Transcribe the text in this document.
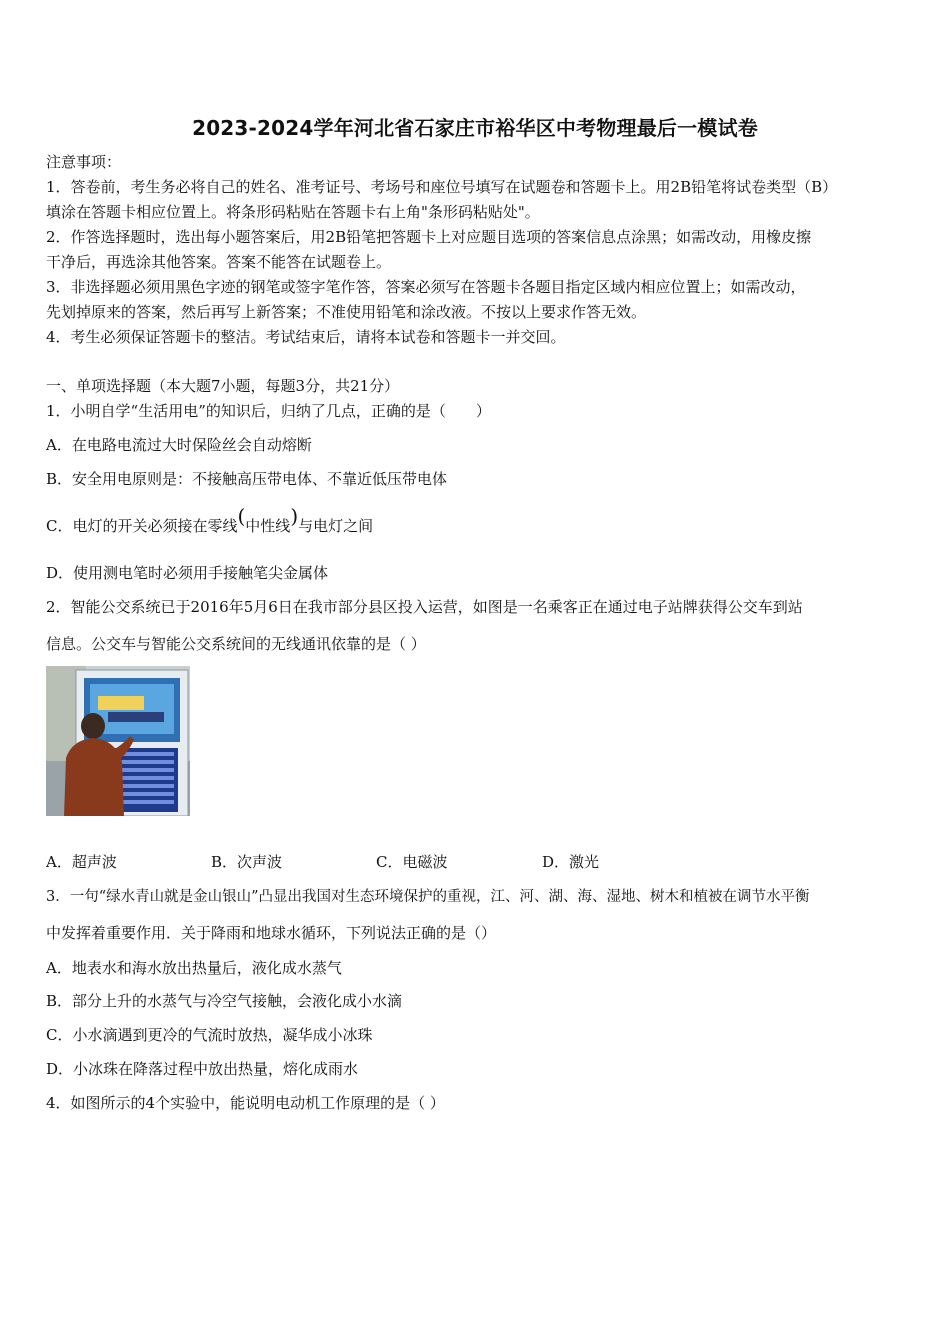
2023-2024学年河北省石家庄市裕华区中考物理最后一模试卷
注意事项：
1．答卷前，考生务必将自己的姓名、准考证号、考场号和座位号填写在试题卷和答题卡上。用2B铅笔将试卷类型（B）
填涂在答题卡相应位置上。将条形码粘贴在答题卡右上角"条形码粘贴处"。
2．作答选择题时，选出每小题答案后，用2B铅笔把答题卡上对应题目选项的答案信息点涂黑；如需改动，用橡皮擦
干净后，再选涂其他答案。答案不能答在试题卷上。
3．非选择题必须用黑色字迹的钢笔或签字笔作答，答案必须写在答题卡各题目指定区域内相应位置上；如需改动，
先划掉原来的答案，然后再写上新答案；不准使用铅笔和涂改液。不按以上要求作答无效。
4．考生必须保证答题卡的整洁。考试结束后，请将本试卷和答题卡一并交回。
一、单项选择题（本大题7小题，每题3分，共21分）
1．小明自学“生活用电”的知识后，归纳了几点，正确的是（　　）
A．在电路电流过大时保险丝会自动熔断
B．安全用电原则是：不接触高压带电体、不靠近低压带电体
C．电灯的开关必须接在零线(中性线)与电灯之间
D．使用测电笔时必须用手接触笔尖金属体
2．智能公交系统已于2016年5月6日在我市部分县区投入运营，如图是一名乘客正在通过电子站牌获得公交车到站
信息。公交车与智能公交系统间的无线通讯依靠的是（ ）
A．超声波	B．次声波	C．电磁波	D．激光
3．一句“绿水青山就是金山银山”凸显出我国对生态环境保护的重视，江、河、湖、海、湿地、树木和植被在调节水平衡
中发挥着重要作用．关于降雨和地球水循环，下列说法正确的是（）
A．地表水和海水放出热量后，液化成水蒸气
B．部分上升的水蒸气与冷空气接触，会液化成小水滴
C．小水滴遇到更冷的气流时放热，凝华成小冰珠
D．小冰珠在降落过程中放出热量，熔化成雨水
4．如图所示的4个实验中，能说明电动机工作原理的是（ ）
